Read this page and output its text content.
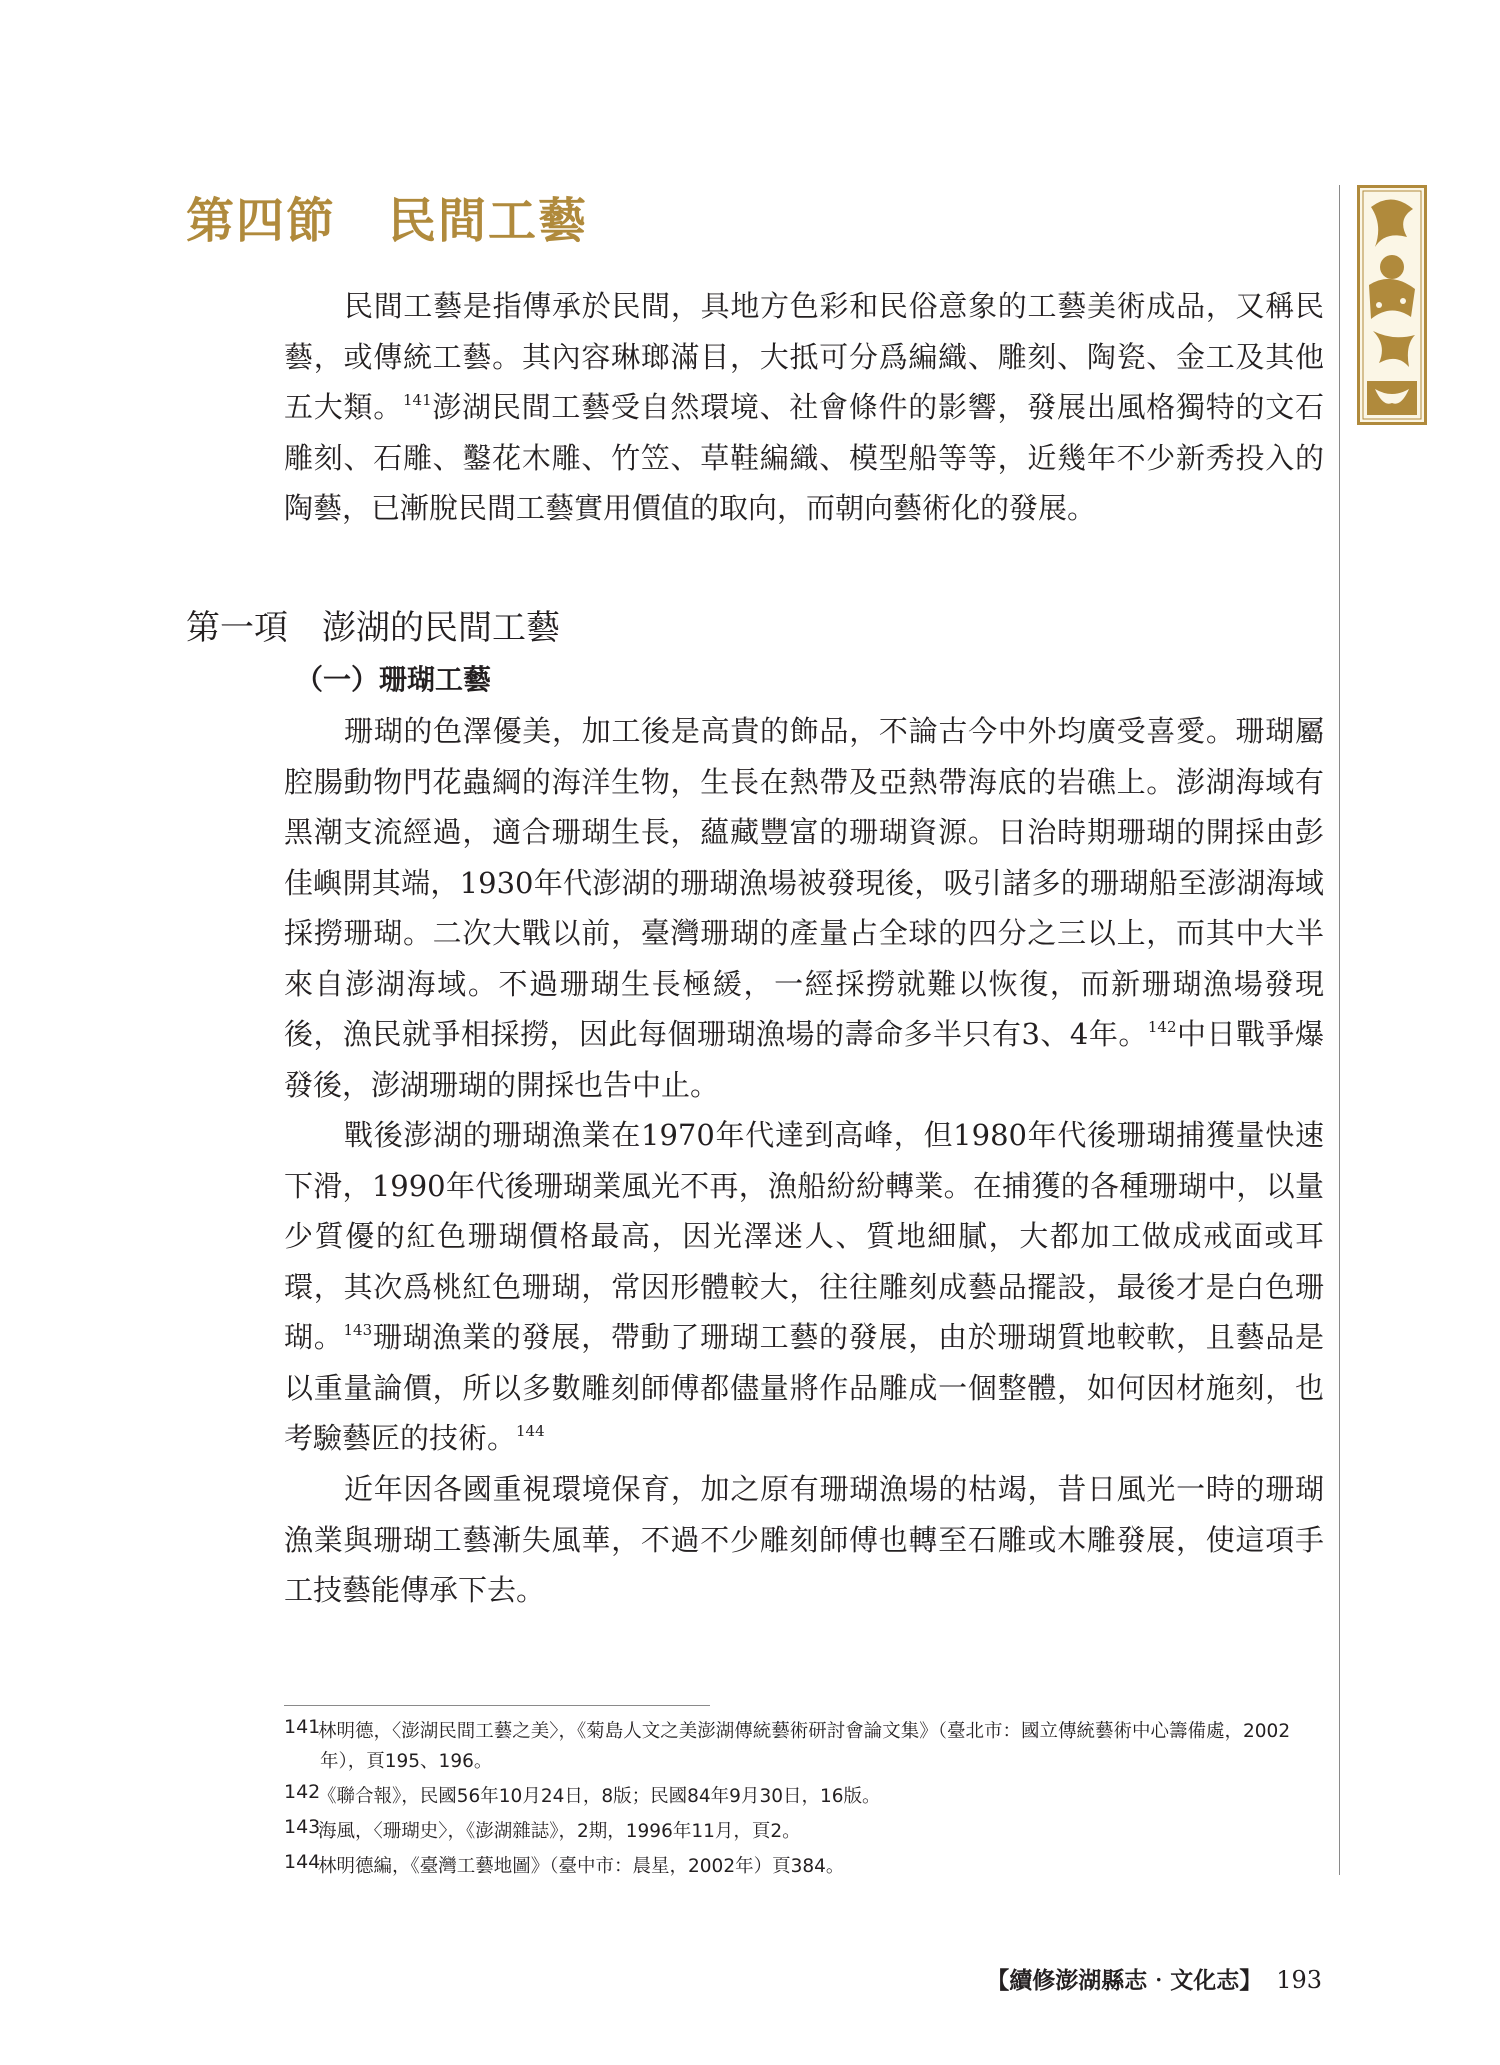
第四節 民間工藝

民間工藝是指傳承於民間，具地方色彩和民俗意象的工藝美術成品，又稱民藝，或傳統工藝。其內容琳瑯滿目，大抵可分爲編織、雕刻、陶瓷、金工及其他五大類。$^{141}$澎湖民間工藝受自然環境、社會條件的影響，發展出風格獨特的文石雕刻、石雕、鑿花木雕、竹笠、草鞋編織、模型船等等，近幾年不少新秀投入的陶藝，已漸脫民間工藝實用價值的取向，而朝向藝術化的發展。

第一項 澎湖的民間工藝
（一）珊瑚工藝

珊瑚的色澤優美，加工後是高貴的飾品，不論古今中外均廣受喜愛。珊瑚屬腔腸動物門花蟲綱的海洋生物，生長在熱帶及亞熱帶海底的岩礁上。澎湖海域有黑潮支流經過，適合珊瑚生長，蘊藏豐富的珊瑚資源。日治時期珊瑚的開採由彭佳嶼開其端，1930年代澎湖的珊瑚漁場被發現後，吸引諸多的珊瑚船至澎湖海域採撈珊瑚。二次大戰以前，臺灣珊瑚的產量占全球的四分之三以上，而其中大半來自澎湖海域。不過珊瑚生長極緩，一經採撈就難以恢復，而新珊瑚漁場發現後，漁民就爭相採撈，因此每個珊瑚漁場的壽命多半只有3、4年。$^{142}$中日戰爭爆發後，澎湖珊瑚的開採也告中止。

戰後澎湖的珊瑚漁業在1970年代達到高峰，但1980年代後珊瑚捕獲量快速下滑，1990年代後珊瑚業風光不再，漁船紛紛轉業。在捕獲的各種珊瑚中，以量少質優的紅色珊瑚價格最高，因光澤迷人、質地細膩，大都加工做成戒面或耳環，其次爲桃紅色珊瑚，常因形體較大，往往雕刻成藝品擺設，最後才是白色珊瑚。$^{143}$珊瑚漁業的發展，帶動了珊瑚工藝的發展，由於珊瑚質地較軟，且藝品是以重量論價，所以多數雕刻師傅都儘量將作品雕成一個整體，如何因材施刻，也考驗藝匠的技術。$^{144}$

近年因各國重視環境保育，加之原有珊瑚漁場的枯竭，昔日風光一時的珊瑚漁業與珊瑚工藝漸失風華，不過不少雕刻師傅也轉至石雕或木雕發展，使這項手工技藝能傳承下去。

141林明德，〈澎湖民間工藝之美〉，《菊島人文之美澎湖傳統藝術研討會論文集》（臺北市：國立傳統藝術中心籌備處，2002年），頁195、196。

142《聯合報》，民國56年10月24日，8版；民國84年9月30日，16版。

143海風，〈珊瑚史〉，《澎湖雜誌》，2期，1996年11月，頁2。

144林明德編，《臺灣工藝地圖》（臺中市：晨星，2002年）頁384。

【續修澎湖縣志‧文化志】 193
